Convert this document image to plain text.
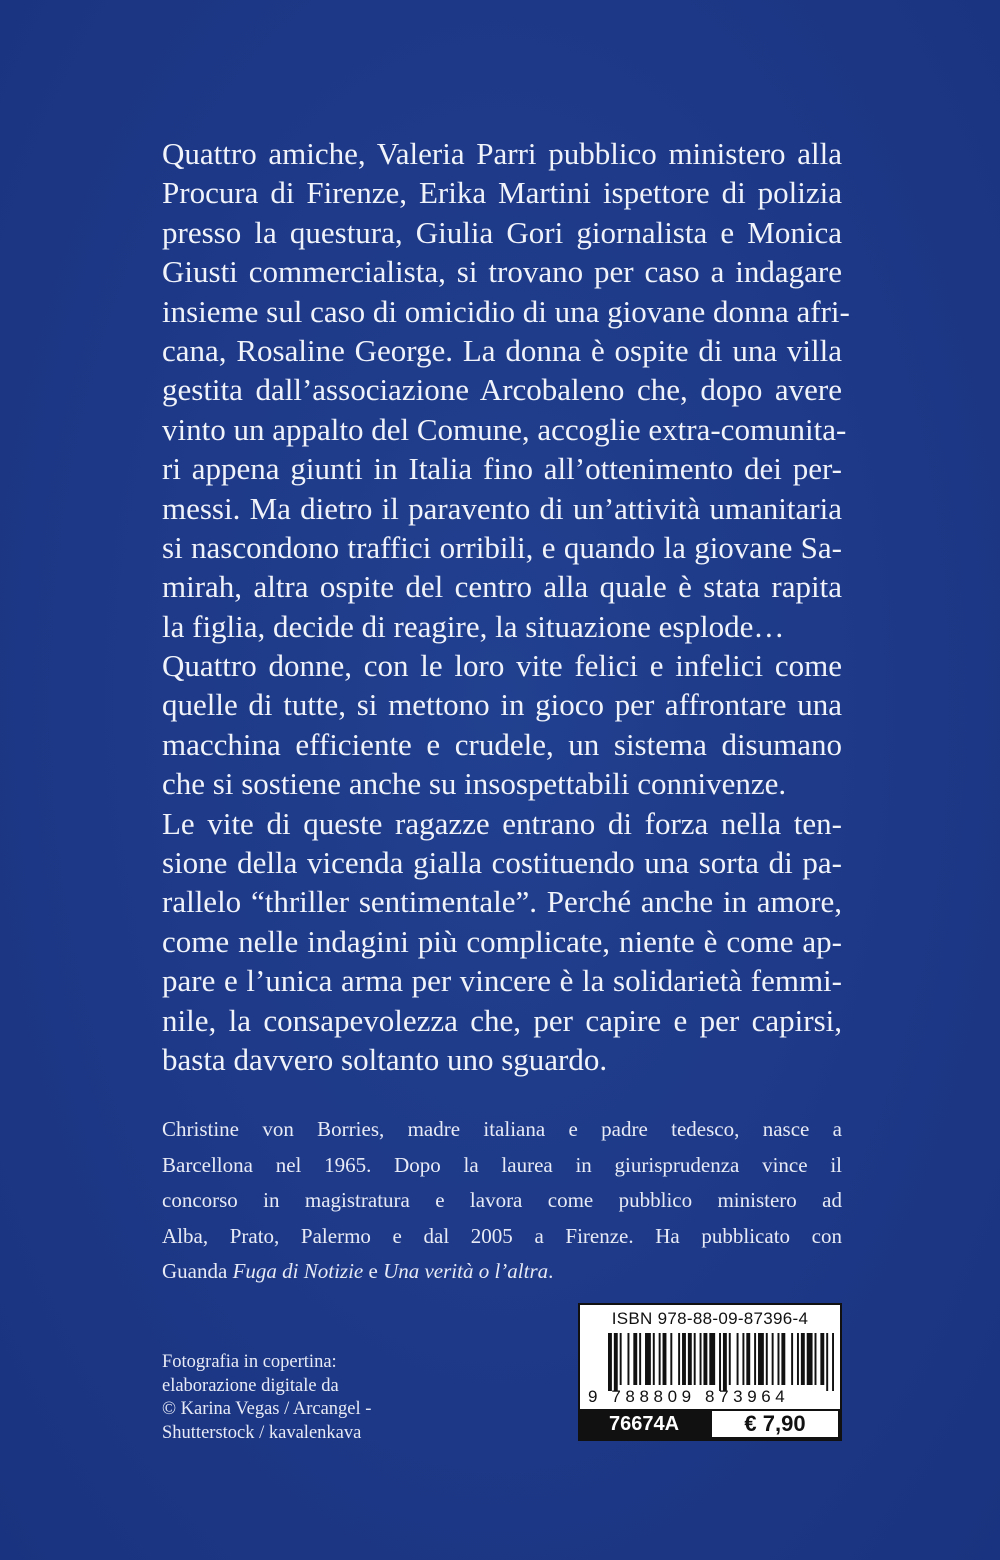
Quattro amiche, Valeria Parri pubblico ministero alla
Procura di Firenze, Erika Martini ispettore di polizia
presso la questura, Giulia Gori giornalista e Monica
Giusti commercialista, si trovano per caso a indagare
insieme sul caso di omicidio di una giovane donna afri-
cana, Rosaline George. La donna è ospite di una villa
gestita dall’associazione Arcobaleno che, dopo avere
vinto un appalto del Comune, accoglie extra-comunita-
ri appena giunti in Italia fino all’ottenimento dei per-
messi. Ma dietro il paravento di un’attività umanitaria
si nascondono traffici orribili, e quando la giovane Sa-
mirah, altra ospite del centro alla quale è stata rapita
la figlia, decide di reagire, la situazione esplode…
Quattro donne, con le loro vite felici e infelici come
quelle di tutte, si mettono in gioco per affrontare una
macchina efficiente e crudele, un sistema disumano
che si sostiene anche su insospettabili connivenze.
Le vite di queste ragazze entrano di forza nella ten-
sione della vicenda gialla costituendo una sorta di pa-
rallelo “thriller sentimentale”. Perché anche in amore,
come nelle indagini più complicate, niente è come ap-
pare e l’unica arma per vincere è la solidarietà femmi-
nile, la consapevolezza che, per capire e per capirsi,
basta davvero soltanto uno sguardo.
Christine von Borries, madre italiana e padre tedesco, nasce a
Barcellona nel 1965. Dopo la laurea in giurisprudenza vince il
concorso in magistratura e lavora come pubblico ministero ad
Alba, Prato, Palermo e dal 2005 a Firenze. Ha pubblicato con
Guanda Fuga di Notizie e Una verità o l’altra.
Fotografia in copertina:
elaborazione digitale da
© Karina Vegas / Arcangel -
Shutterstock / kavalenkava
ISBN 978-88-09-87396-4
9 788809 873964
76674A	€ 7,90
